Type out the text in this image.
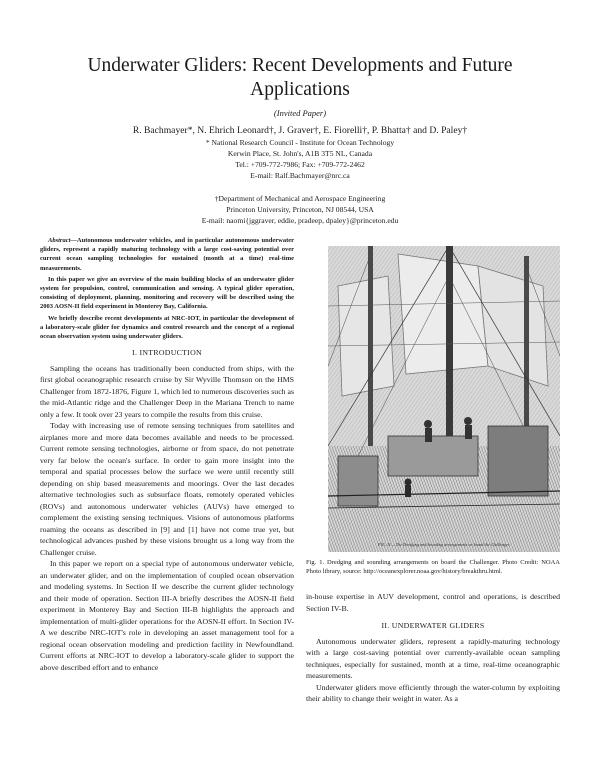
Underwater Gliders: Recent Developments and Future Applications
(Invited Paper)
R. Bachmayer*, N. Ehrich Leonard†, J. Graver†, E. Fiorelli†, P. Bhatta† and D. Paley†
* National Research Council - Institute for Ocean Technology
Kerwin Place, St. John's, A1B 3T5 NL, Canada
Tel.: +709-772-7986; Fax: +709-772-2462
E-mail: Ralf.Bachmayer@nrc.ca
†Department of Mechanical and Aerospace Engineering
Princeton University, Princeton, NJ 08544, USA
E-mail: naomi{jggraver, eddie, pradeep, dpaley}@princeton.edu

Abstract—Autonomous underwater vehicles, and in particular autonomous underwater gliders, represent a rapidly maturing technology with a large cost-saving potential over current ocean sampling technologies for sustained (month at a time) real-time measurements.

In this paper we give an overview of the main building blocks of an underwater glider system for propulsion, control, communication and sensing. A typical glider operation, consisting of deployment, planning, monitoring and recovery will be described using the 2003 AOSN-II field experiment in Monterey Bay, California.

We briefly describe recent developments at NRC-IOT, in particular the development of a laboratory-scale glider for dynamics and control research and the concept of a regional ocean observation system using underwater gliders.

I. INTRODUCTION

Sampling the oceans has traditionally been conducted from ships, with the first global oceanographic research cruise by Sir Wyville Thomson on the HMS Challenger from 1872-1876, Figure 1, which led to numerous discoveries such as the mid-Atlantic ridge and the Challenger Deep in the Mariana Trench to name only a few. It took over 23 years to compile the results from this cruise.

Today with increasing use of remote sensing techniques from satellites and airplanes more and more data becomes available and needs to be processed. Current remote sensing technologies, airborne or from space, do not penetrate very far below the ocean's surface. In order to gain more insight into the temporal and spatial processes below the surface we were until recently still depending on ship based measurements and moorings. Over the last decades alternative technologies such as subsurface floats, remotely operated vehicles (ROVs) and autonomous underwater vehicles (AUVs) have emerged to complement the existing sensing techniques. Visions of autonomous platforms roaming the oceans as described in [9] and [1] have not come true yet, but technological advances pushed by these visions brought us a long way from the Challenger cruise.

In this paper we report on a special type of autonomous underwater vehicle, an underwater glider, and on the implementation of coupled ocean observation and modeling systems. In Section II we describe the current glider technology and their mode of operation. Section III-A briefly describes the AOSN-II field experiment in Monterey Bay and Section III-B highlights the approach and implementation of multi-glider operations for the AOSN-II effort. In Section IV-A we describe NRC-IOT's role in developing an asset management tool for a regional ocean observation modeling and prediction facility in Newfoundland. Current efforts at NRC-IOT to develop a laboratory-scale glider to support the above described effort and to enhance

FIG. 11.—The Dredging and Sounding arrangements on board the Challenger.
Fig. 1. Dredging and sounding arrangements on board the Challenger. Photo Credit: NOAA Photo library, source: http://oceanexplorer.noaa.gov/history/breakthru.html.

in-house expertise in AUV development, control and operations, is described Section IV-B.

II. UNDERWATER GLIDERS

Autonomous underwater gliders, represent a rapidly-maturing technology with a large cost-saving potential over currently-available ocean sampling techniques, especially for sustained, month at a time, real-time oceanographic measurements.

Underwater gliders move efficiently through the water-column by exploiting their ability to change their weight in water. As a
